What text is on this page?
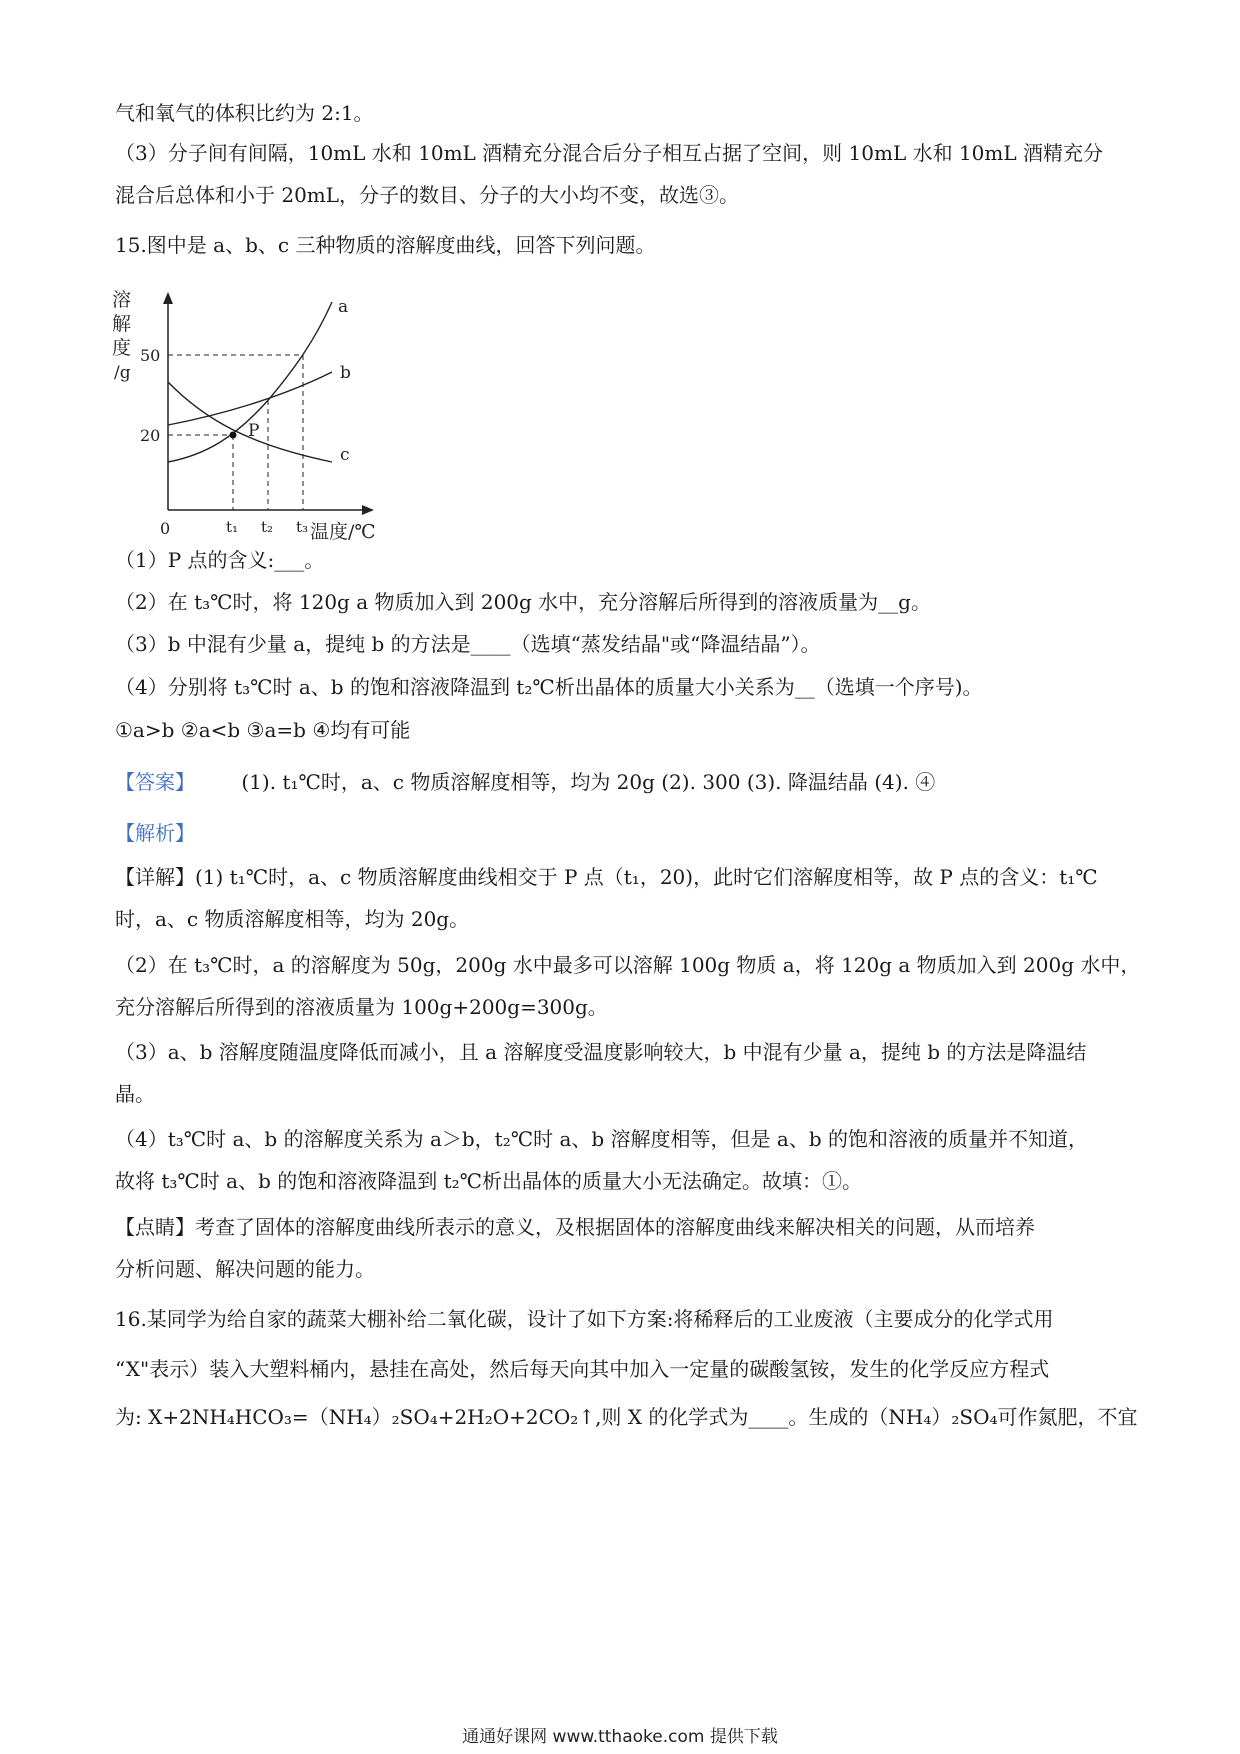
气和氧气的体积比约为 2:1。
（3）分子间有间隔，10mL 水和 10mL 酒精充分混合后分子相互占据了空间，则 10mL 水和 10mL 酒精充分
混合后总体和小于 20mL，分子的数目、分子的大小均不变，故选③。
15.图中是 a、b、c 三种物质的溶解度曲线，回答下列问题。
溶
解
度
/g
50
20
0	t₁ t₂ t₃ 温度/℃
a
b
c
P
（1）P 点的含义:___。
（2）在 t₃℃时，将 120g a 物质加入到 200g 水中，充分溶解后所得到的溶液质量为__g。
（3）b 中混有少量 a，提纯 b 的方法是____（选填“蒸发结晶"或“降温结晶”）。
（4）分别将 t₃℃时 a、b 的饱和溶液降温到 t₂℃析出晶体的质量大小关系为__（选填一个序号)。
①a>b ②a<b ③a=b ④均有可能
【答案】 (1). t₁℃时，a、c 物质溶解度相等，均为 20g (2). 300 (3). 降温结晶 (4). ④
【解析】
【详解】(1) t₁℃时，a、c 物质溶解度曲线相交于 P 点（t₁，20)，此时它们溶解度相等，故 P 点的含义：t₁℃
时，a、c 物质溶解度相等，均为 20g。
（2）在 t₃℃时，a 的溶解度为 50g，200g 水中最多可以溶解 100g 物质 a，将 120g a 物质加入到 200g 水中，
充分溶解后所得到的溶液质量为 100g+200g=300g。
（3）a、b 溶解度随温度降低而减小，且 a 溶解度受温度影响较大，b 中混有少量 a，提纯 b 的方法是降温结
晶。
（4）t₃℃时 a、b 的溶解度关系为 a＞b，t₂℃时 a、b 溶解度相等，但是 a、b 的饱和溶液的质量并不知道，
故将 t₃℃时 a、b 的饱和溶液降温到 t₂℃析出晶体的质量大小无法确定。故填：①。
【点睛】考查了固体的溶解度曲线所表示的意义，及根据固体的溶解度曲线来解决相关的问题，从而培养
分析问题、解决问题的能力。
16.某同学为给自家的蔬菜大棚补给二氧化碳，设计了如下方案:将稀释后的工业废液（主要成分的化学式用
“X"表示）装入大塑料桶内，悬挂在高处，然后每天向其中加入一定量的碳酸氢铵，发生的化学反应方程式
为: X+2NH₄HCO₃=（NH₄）₂SO₄+2H₂O+2CO₂↑,则 X 的化学式为____。生成的（NH₄）₂SO₄可作氮肥，不宜
通通好课网 www.tthaoke.com 提供下载
